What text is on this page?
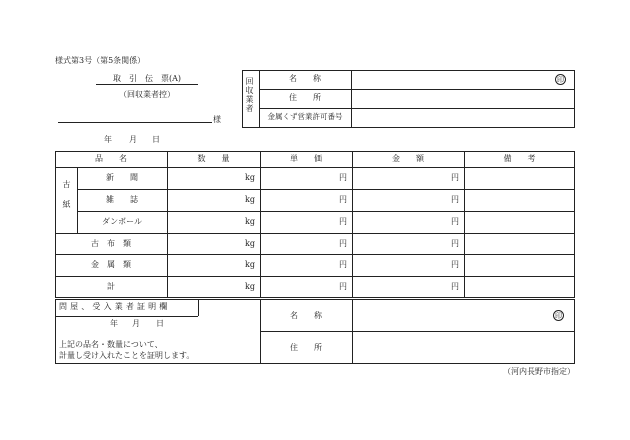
様式第3号（第5条関係）
取　引　伝　票(A)
（回収業者控）
様
年 月 日
回収業者	名　　称
住　　所
金属くず営業許可番号
印
品　　名	数　　量	単　　価	金　　額	備　　考
古紙
新　　聞	kg	円	円
雑　　誌	kg	円	円
ダンボール	kg	円	円
古　布　類	kg	円	円
金　属　類	kg	円	円
計	kg	円	円
問 屋 、 受 入 業 者 証 明 欄
年 月 日
上記の品名・数量について、
計量し受け入れたことを証明します。
名　　称
住　　所
印
（河内長野市指定）
